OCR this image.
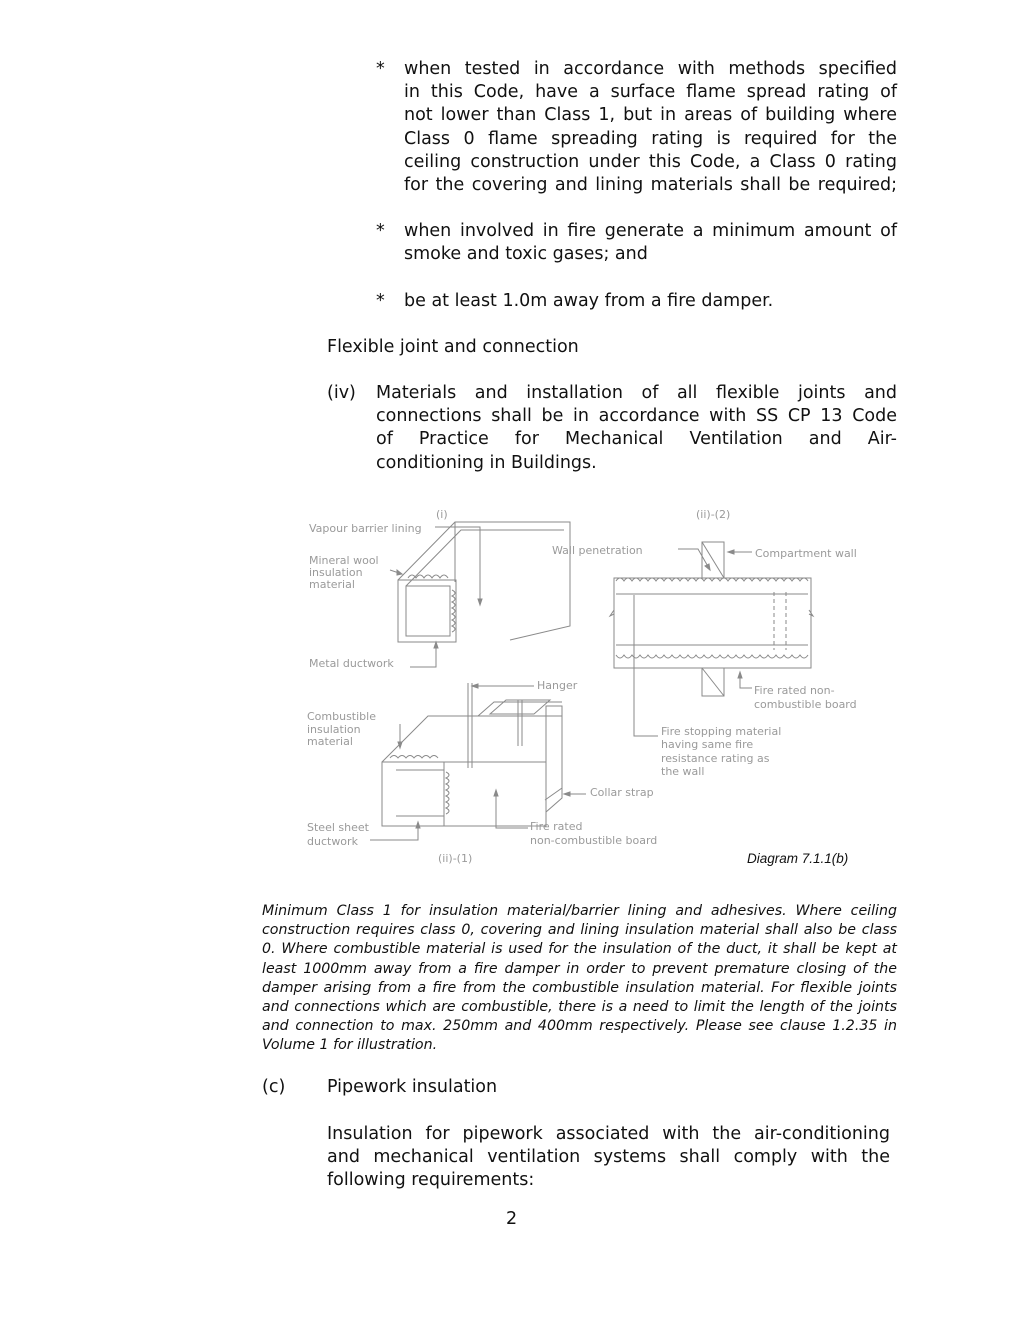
* when tested in accordance with methods specified
in this Code, have a surface flame spread rating of
not lower than Class 1, but in areas of building where
Class 0 flame spreading rating is required for the
ceiling construction under this Code, a Class 0 rating
for the covering and lining materials shall be required;
* when involved in fire generate a minimum amount of
smoke and toxic gases; and
* be at least 1.0m away from a fire damper.
Flexible joint and connection
(iv) Materials and installation of all flexible joints and
connections shall be in accordance with SS CP 13 Code
of Practice for Mechanical Ventilation and Air-
conditioning in Buildings.
(i)	(ii)-(2)
(ii)-(1)
Vapour barrier lining
Mineral wool
insulation
material
Metal ductwork
Wall penetration	Compartment wall
Fire rated non-
combustible board
Hanger
Combustible
insulation
material
Fire stopping material
having same fire
resistance rating as
the wall
Collar strap
Steel sheet
ductwork
Fire rated
non-combustible board
Diagram 7.1.1(b)
Minimum Class 1 for insulation material/barrier lining and adhesives. Where ceiling construction requires class 0, covering and lining insulation material shall also be class 0. Where combustible material is used for the insulation of the duct, it shall be kept at least 1000mm away from a fire damper in order to prevent premature closing of the damper arising from a fire from the combustible insulation material. For flexible joints and connections which are combustible, there is a need to limit the length of the joints and connection to max. 250mm and 400mm respectively. Please see clause 1.2.35 in Volume 1 for illustration.
(c) Pipework insulation
Insulation for pipework associated with the air-conditioning
and mechanical ventilation systems shall comply with the
following requirements:
2
